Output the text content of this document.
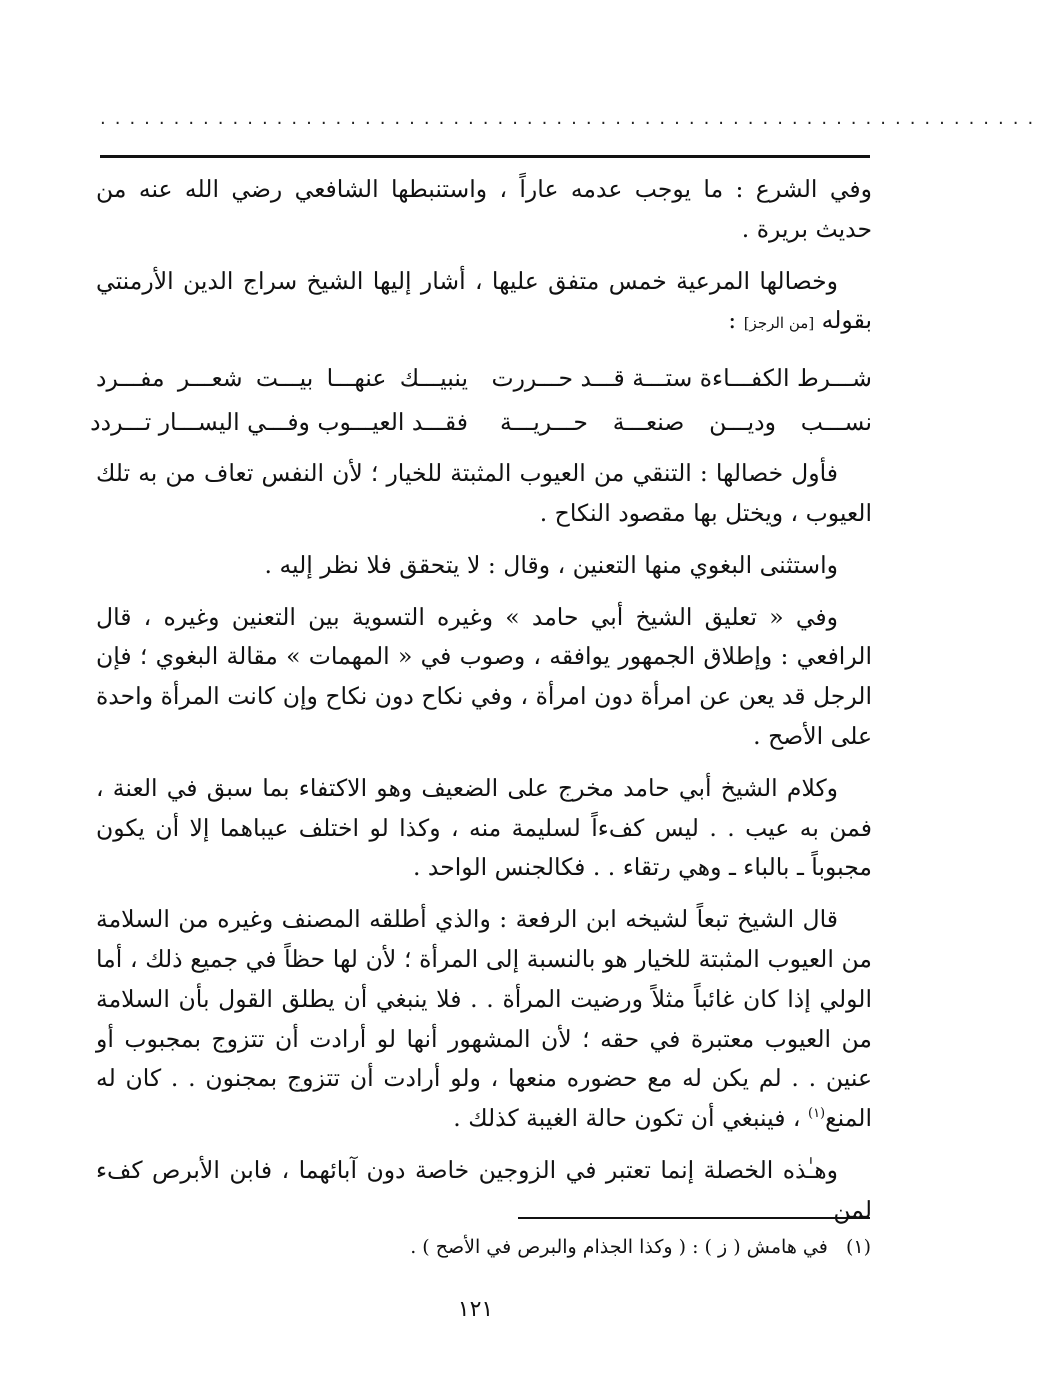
................................................................

وفي الشرع : ما يوجب عدمه عاراً ، واستنبطها الشافعي رضي الله عنه من حديث بريرة .

وخصالها المرعية خمس متفق عليها ، أشار إليها الشيخ سراج الدين الأرمنتي بقوله [من الرجز] :

شـــرط الكفـــاءة ستـــة قـــد حـــررت
ينبيـــك عنهـــا بيـــت شعـــر مفـــرد
نســـب وديـــن صنعـــة حـــريـــة
فقـــد العيـــوب وفـــي اليســـار تـــردد

فأول خصالها : التنقي من العيوب المثبتة للخيار ؛ لأن النفس تعاف من به تلك العيوب ، ويختل بها مقصود النكاح .

واستثنى البغوي منها التعنين ، وقال : لا يتحقق فلا نظر إليه .

وفي « تعليق الشيخ أبي حامد » وغيره التسوية بين التعنين وغيره ، قال الرافعي : وإطلاق الجمهور يوافقه ، وصوب في « المهمات » مقالة البغوي ؛ فإن الرجل قد يعن عن امرأة دون امرأة ، وفي نكاح دون نكاح وإن كانت المرأة واحدة على الأصح .

وكلام الشيخ أبي حامد مخرج على الضعيف وهو الاكتفاء بما سبق في العنة ، فمن به عيب . . ليس كفءاً لسليمة منه ، وكذا لو اختلف عيباهما إلا أن يكون مجبوباً ـ بالباء ـ وهي رتقاء . . فكالجنس الواحد .

قال الشيخ تبعاً لشيخه ابن الرفعة : والذي أطلقه المصنف وغيره من السلامة من العيوب المثبتة للخيار هو بالنسبة إلى المرأة ؛ لأن لها حظاً في جميع ذلك ، أما الولي إذا كان غائباً مثلاً ورضيت المرأة . . فلا ينبغي أن يطلق القول بأن السلامة من العيوب معتبرة في حقه ؛ لأن المشهور أنها لو أرادت أن تتزوج بمجبوب أو عنين . . لم يكن له مع حضوره منعها ، ولو أرادت أن تتزوج بمجنون . . كان له المنع$^{(١)}$ ، فينبغي أن تكون حالة الغيبة كذلك .

وهـٰذه الخصلة إنما تعتبر في الزوجين خاصة دون آبائهما ، فابن الأبرص كفء لمن

(١)   في هامش ( ز ) : ( وكذا الجذام والبرص في الأصح ) .
١٢١
